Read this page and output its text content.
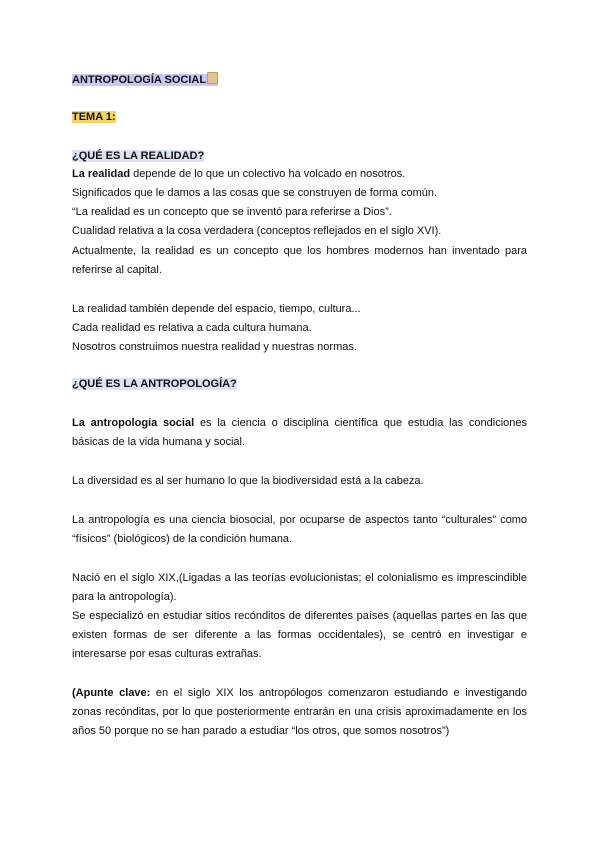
ANTROPOLOGÍA SOCIAL
TEMA 1:
¿QUÉ ES LA REALIDAD?
La realidad depende de lo que un colectivo ha volcado en nosotros.
Significados que le damos a las cosas que se construyen de forma común.
“La realidad es un concepto que se inventó para referirse a Dios”.
Cualidad relativa a la cosa verdadera (conceptos reflejados en el siglo XVI).
Actualmente, la realidad es un concepto que los hombres modernos han inventado para
referirse al capital.
La realidad también depende del espacio, tiempo, cultura...
Cada realidad es relativa a cada cultura humana.
Nosotros construimos nuestra realidad y nuestras normas.
¿QUÉ ES LA ANTROPOLOGÍA?
La antropología social es la ciencia o disciplina científica que estudia las condiciones
básicas de la vida humana y social.
La diversidad es al ser humano lo que la biodiversidad está a la cabeza.
La antropología es una ciencia biosocial, por ocuparse de aspectos tanto “culturales” como
“físicos” (biológicos) de la condición humana.
Nació en el siglo XIX,(Ligadas a las teorías evolucionistas; el colonialismo es imprescindible
para la antropología).
Se especializó en estudiar sitios recónditos de diferentes países (aquellas partes en las que
existen formas de ser diferente a las formas occidentales), se centró en investigar e
interesarse por esas culturas extrañas.
(Apunte clave: en el siglo XIX los antropólogos comenzaron estudiando e investigando
zonas recónditas, por lo que posteriormente entrarán en una crisis aproximadamente en los
años 50 porque no se han parado a estudiar “los otros, que somos nosotros”)
